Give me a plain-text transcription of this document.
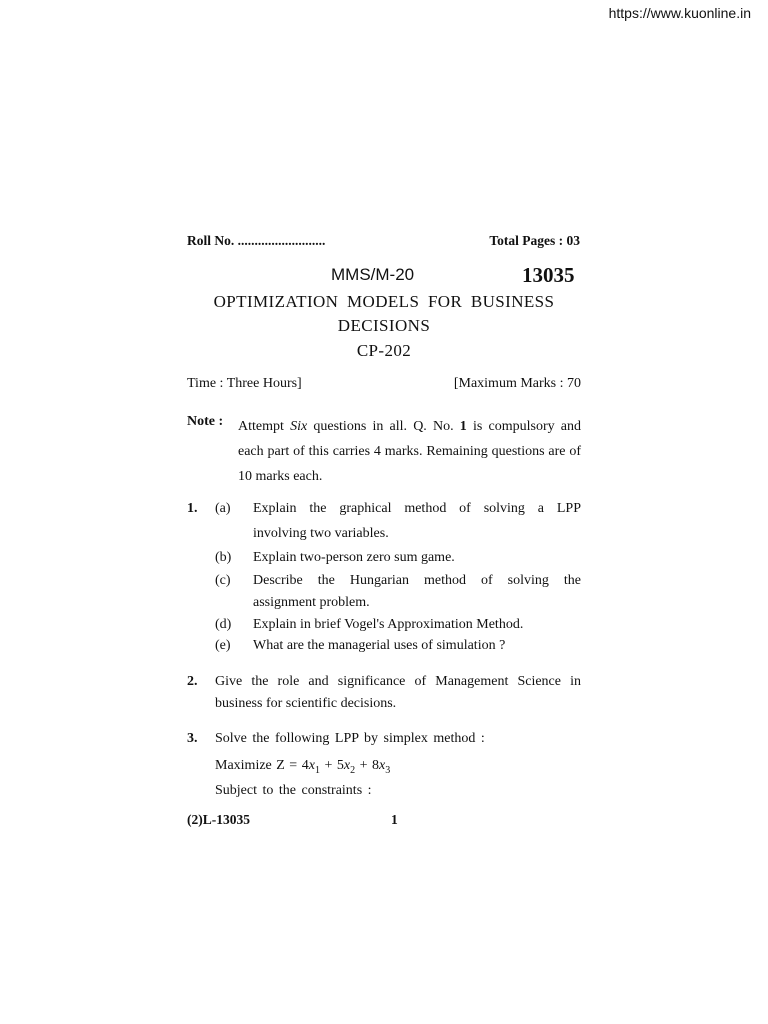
https://www.kuonline.in
Roll No. ..........................	Total Pages : 03
MMS/M-20	13035
OPTIMIZATION MODELS FOR BUSINESS
DECISIONS
CP-202
Time : Three Hours]	[Maximum Marks : 70
Note : Attempt Six questions in all. Q. No. 1 is compulsory and each part of this carries 4 marks. Remaining questions are of 10 marks each.
1. (a) Explain the graphical method of solving a LPP
involving two variables.
(b) Explain two-person zero sum game.
(c) Describe the Hungarian method of solving the
assignment problem.
(d) Explain in brief Vogel's Approximation Method.
(e) What are the managerial uses of simulation ?
2. Give the role and significance of Management Science in
business for scientific decisions.
3. Solve the following LPP by simplex method :
Maximize $Z = 4x_1 + 5x_2 + 8x_3$
Subject to the constraints :
(2)L-13035	1
